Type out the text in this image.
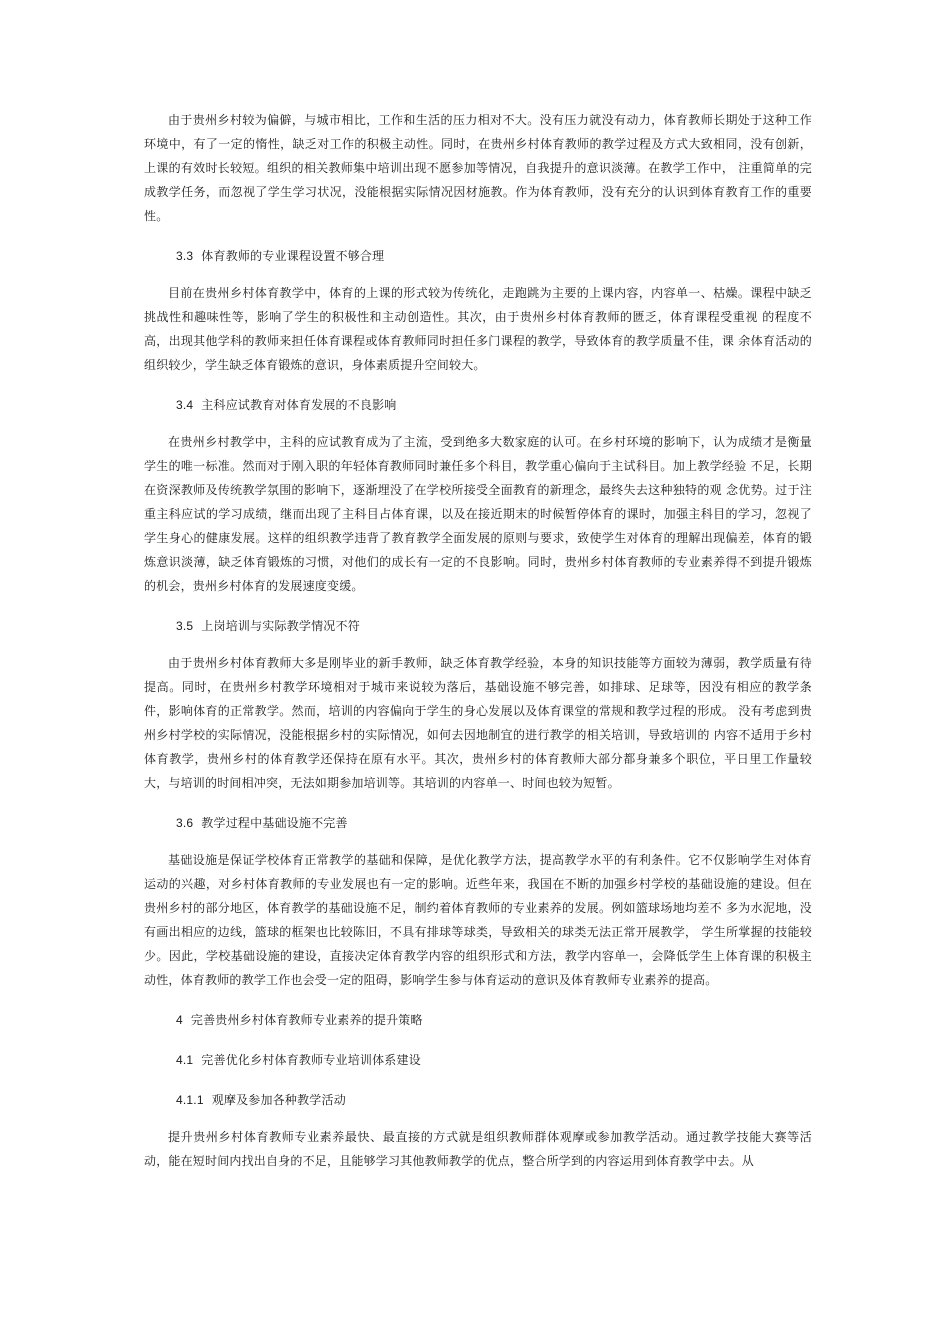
由于贵州乡村较为偏僻，与城市相比，工作和生活的压力相对不大。没有压力就没有动力，体育教师长期处于这种工作环境中，有了一定的惰性，缺乏对工作的积极主动性。同时，在贵州乡村体育教师的教学过程及方式大致相同，没有创新，上课的有效时长较短。组织的相关教师集中培训出现不愿参加等情况，自我提升的意识淡薄。在教学工作中， 注重简单的完成教学任务，而忽视了学生学习状况，没能根据实际情况因材施教。作为体育教师，没有充分的认识到体育教育工作的重要性。

3.3 体育教师的专业课程设置不够合理

目前在贵州乡村体育教学中，体育的上课的形式较为传统化，走跑跳为主要的上课内容，内容单一、枯燥。课程中缺乏挑战性和趣味性等，影响了学生的积极性和主动创造性。其次，由于贵州乡村体育教师的匮乏，体育课程受重视 的程度不高，出现其他学科的教师来担任体育课程或体育教师同时担任多门课程的教学，导致体育的教学质量不佳，课 余体育活动的组织较少，学生缺乏体育锻炼的意识，身体素质提升空间较大。

3.4 主科应试教育对体育发展的不良影响

在贵州乡村教学中，主科的应试教育成为了主流，受到绝多大数家庭的认可。在乡村环境的影响下，认为成绩才是衡量学生的唯一标准。然而对于刚入职的年轻体育教师同时兼任多个科目，教学重心偏向于主试科目。加上教学经验 不足，长期在资深教师及传统教学氛围的影响下，逐渐埋没了在学校所接受全面教育的新理念，最终失去这种独特的观 念优势。过于注重主科应试的学习成绩，继而出现了主科目占体育课，以及在接近期末的时候暂停体育的课时，加强主科目的学习，忽视了学生身心的健康发展。这样的组织教学违背了教育教学全面发展的原则与要求，致使学生对体育的理解出现偏差，体育的锻炼意识淡薄，缺乏体育锻炼的习惯，对他们的成长有一定的不良影响。同时，贵州乡村体育教师的专业素养得不到提升锻炼的机会，贵州乡村体育的发展速度变缓。

3.5 上岗培训与实际教学情况不符

由于贵州乡村体育教师大多是刚毕业的新手教师，缺乏体育教学经验，本身的知识技能等方面较为薄弱，教学质量有待提高。同时，在贵州乡村教学环境相对于城市来说较为落后，基础设施不够完善，如排球、足球等，因没有相应的教学条件，影响体育的正常教学。然而，培训的内容偏向于学生的身心发展以及体育课堂的常规和教学过程的形成。 没有考虑到贵州乡村学校的实际情况，没能根据乡村的实际情况，如何去因地制宜的进行教学的相关培训，导致培训的 内容不适用于乡村体育教学，贵州乡村的体育教学还保持在原有水平。其次，贵州乡村的体育教师大部分都身兼多个职位，平日里工作量较大，与培训的时间相冲突，无法如期参加培训等。其培训的内容单一、时间也较为短暂。

3.6 教学过程中基础设施不完善

基础设施是保证学校体育正常教学的基础和保障，是优化教学方法，提高教学水平的有利条件。它不仅影响学生对体育运动的兴趣，对乡村体育教师的专业发展也有一定的影响。近些年来，我国在不断的加强乡村学校的基础设施的建设。但在贵州乡村的部分地区，体育教学的基础设施不足，制约着体育教师的专业素养的发展。例如篮球场地均差不 多为水泥地，没有画出相应的边线，篮球的框架也比较陈旧，不具有排球等球类，导致相关的球类无法正常开展教学， 学生所掌握的技能较少。因此，学校基础设施的建设，直接决定体育教学内容的组织形式和方法，教学内容单一，会降低学生上体育课的积极主动性，体育教师的教学工作也会受一定的阻碍，影响学生参与体育运动的意识及体育教师专业素养的提高。

4 完善贵州乡村体育教师专业素养的提升策略
4.1 完善优化乡村体育教师专业培训体系建设
4.1.1 观摩及参加各种教学活动

提升贵州乡村体育教师专业素养最快、最直接的方式就是组织教师群体观摩或参加教学活动。通过教学技能大赛等活动，能在短时间内找出自身的不足，且能够学习其他教师教学的优点，整合所学到的内容运用到体育教学中去。从
